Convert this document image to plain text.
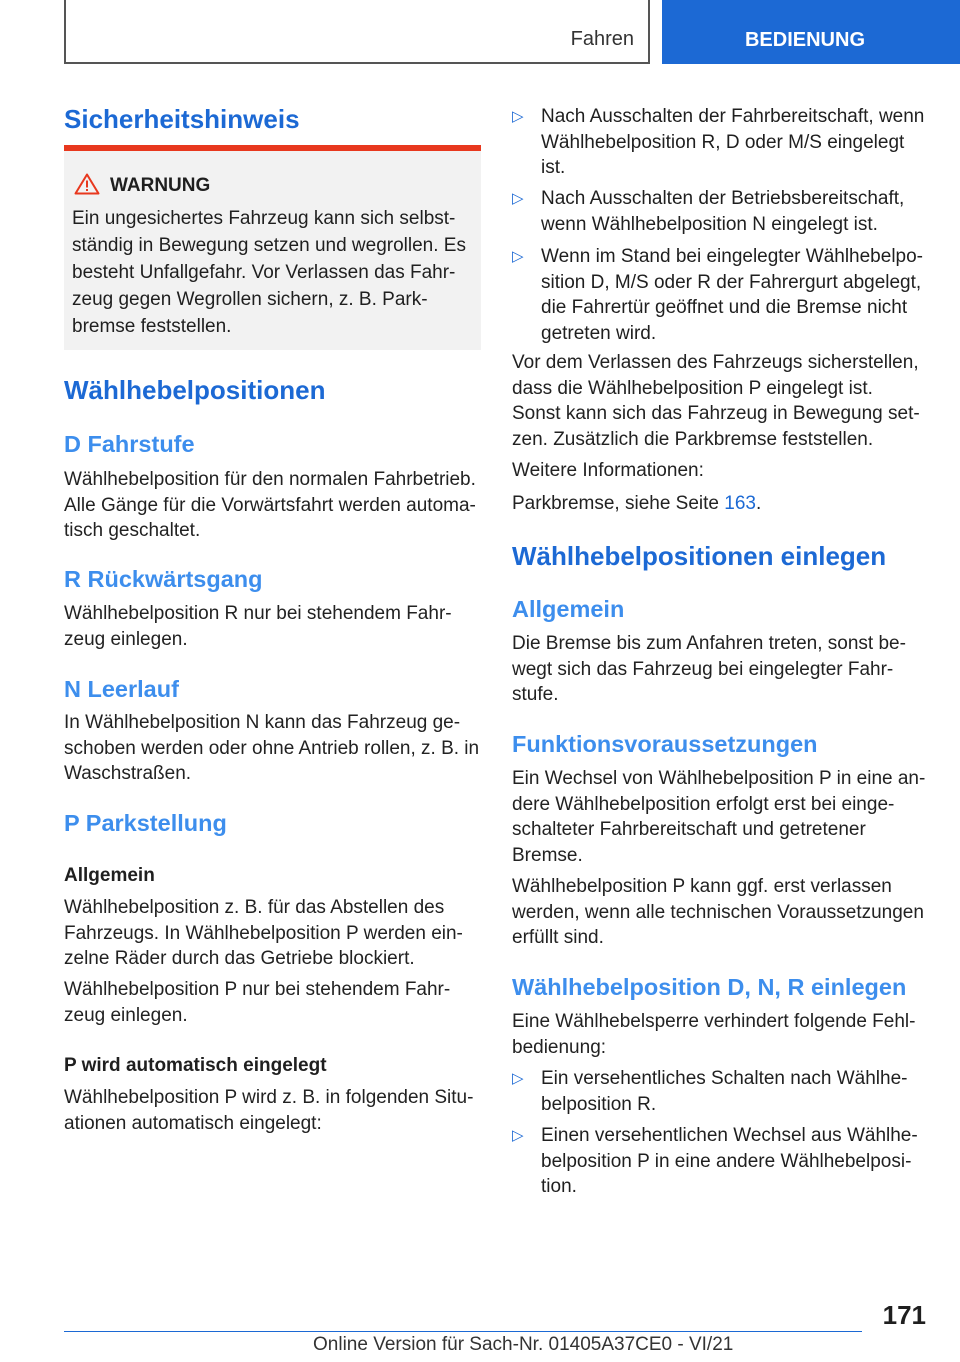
Fahren	BEDIENUNG
Sicherheitshinweis
WARNUNG
Ein ungesichertes Fahrzeug kann sich selbst-
ständig in Bewegung setzen und wegrollen. Es
besteht Unfallgefahr. Vor Verlassen das Fahr-
zeug gegen Wegrollen sichern, z. B. Park-
bremse feststellen.
Wählhebelpositionen
D Fahrstufe
Wählhebelposition für den normalen Fahrbetrieb.
Alle Gänge für die Vorwärtsfahrt werden automa-
tisch geschaltet.
R Rückwärtsgang
Wählhebelposition R nur bei stehendem Fahr-
zeug einlegen.
N Leerlauf
In Wählhebelposition N kann das Fahrzeug ge-
schoben werden oder ohne Antrieb rollen, z. B. in
Waschstraßen.
P Parkstellung
Allgemein
Wählhebelposition z. B. für das Abstellen des
Fahrzeugs. In Wählhebelposition P werden ein-
zelne Räder durch das Getriebe blockiert.
Wählhebelposition P nur bei stehendem Fahr-
zeug einlegen.
P wird automatisch eingelegt
Wählhebelposition P wird z. B. in folgenden Situ-
ationen automatisch eingelegt:
▷ Nach Ausschalten der Fahrbereitschaft, wenn
Wählhebelposition R, D oder M/S eingelegt
ist.
▷ Nach Ausschalten der Betriebsbereitschaft,
wenn Wählhebelposition N eingelegt ist.
▷ Wenn im Stand bei eingelegter Wählhebelpo-
sition D, M/S oder R der Fahrergurt abgelegt,
die Fahrertür geöffnet und die Bremse nicht
getreten wird.
Vor dem Verlassen des Fahrzeugs sicherstellen,
dass die Wählhebelposition P eingelegt ist.
Sonst kann sich das Fahrzeug in Bewegung set-
zen. Zusätzlich die Parkbremse feststellen.
Weitere Informationen:
Parkbremse, siehe Seite 163.
Wählhebelpositionen einlegen
Allgemein
Die Bremse bis zum Anfahren treten, sonst be-
wegt sich das Fahrzeug bei eingelegter Fahr-
stufe.
Funktionsvoraussetzungen
Ein Wechsel von Wählhebelposition P in eine an-
dere Wählhebelposition erfolgt erst bei einge-
schalteter Fahrbereitschaft und getretener
Bremse.
Wählhebelposition P kann ggf. erst verlassen
werden, wenn alle technischen Voraussetzungen
erfüllt sind.
Wählhebelposition D, N, R einlegen
Eine Wählhebelsperre verhindert folgende Fehl-
bedienung:
▷ Ein versehentliches Schalten nach Wählhe-
belposition R.
▷ Einen versehentlichen Wechsel aus Wählhe-
belposition P in eine andere Wählhebelposi-
tion.
171
Online Version für Sach-Nr. 01405A37CE0 - VI/21
